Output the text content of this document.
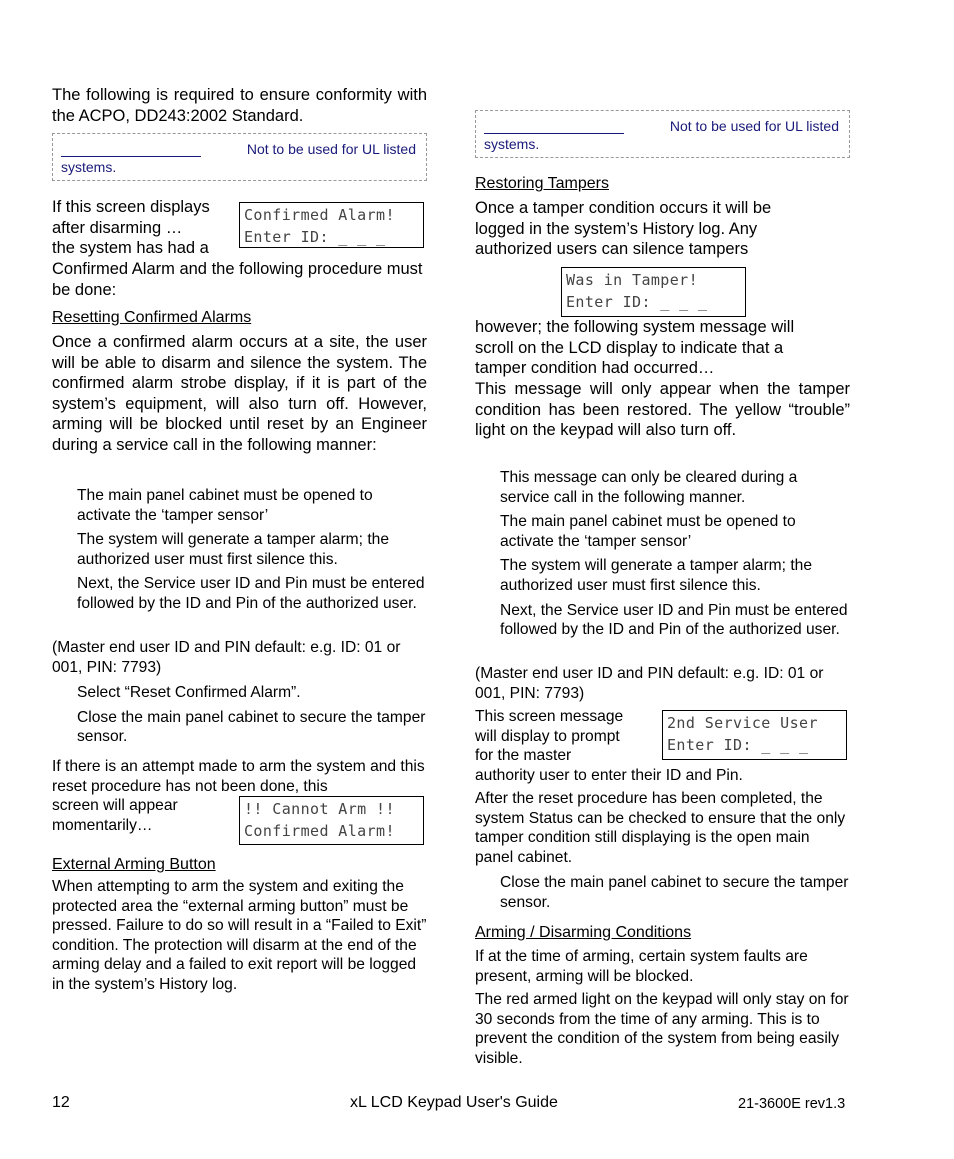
The following is required to ensure conformity with the ACPO, DD243:2002 Standard.
Not to be used for UL listed
systems.
If this screen displays
after disarming …
the system has had a
Confirmed Alarm and the following procedure must be done:
Confirmed Alarm!
Enter ID: _ _ _
Resetting Confirmed Alarms
Once a confirmed alarm occurs at a site, the user will be able to disarm and silence the system. The confirmed alarm strobe display, if it is part of the system’s equipment, will also turn off. However, arming will be blocked until reset by an Engineer during a service call in the following manner:
The main panel cabinet must be opened to activate the ‘tamper sensor’
The system will generate a tamper alarm; the authorized user must first silence this.
Next, the Service user ID and Pin must be entered followed by the ID and Pin of the authorized user.
(Master end user ID and PIN default: e.g. ID: 01 or 001, PIN: 7793)
Select “Reset Confirmed Alarm”.
Close the main panel cabinet to secure the tamper sensor.
If there is an attempt made to arm the system and this reset procedure has not been done, this
screen will appear
momentarily…
!! Cannot Arm !!
Confirmed Alarm!
External Arming Button
When attempting to arm the system and exiting the protected area the “external arming button” must be pressed. Failure to do so will result in a “Failed to Exit” condition. The protection will disarm at the end of the arming delay and a failed to exit report will be logged in the system’s History log.
Not to be used for UL listed
systems.
Restoring Tampers
Once a tamper condition occurs it will be logged in the system’s History log. Any authorized users can silence tampers
Was in Tamper!
Enter ID: _ _ _
however; the following system message will scroll on the LCD display to indicate that a tamper condition had occurred…
This message will only appear when the tamper condition has been restored. The yellow “trouble” light on the keypad will also turn off.
This message can only be cleared during a service call in the following manner.
The main panel cabinet must be opened to activate the ‘tamper sensor’
The system will generate a tamper alarm; the authorized user must first silence this.
Next, the Service user ID and Pin must be entered followed by the ID and Pin of the authorized user.
(Master end user ID and PIN default: e.g. ID: 01 or 001, PIN: 7793)
This screen message
will display to prompt
for the master
authority user to enter their ID and Pin.
2nd Service User
Enter ID: _ _ _
After the reset procedure has been completed, the system Status can be checked to ensure that the only tamper condition still displaying is the open main panel cabinet.
Close the main panel cabinet to secure the tamper sensor.
Arming / Disarming Conditions
If at the time of arming, certain system faults are present, arming will be blocked.
The red armed light on the keypad will only stay on for 30 seconds from the time of any arming. This is to prevent the condition of the system from being easily visible.
12	xL LCD Keypad User's Guide	21-3600E rev1.3
